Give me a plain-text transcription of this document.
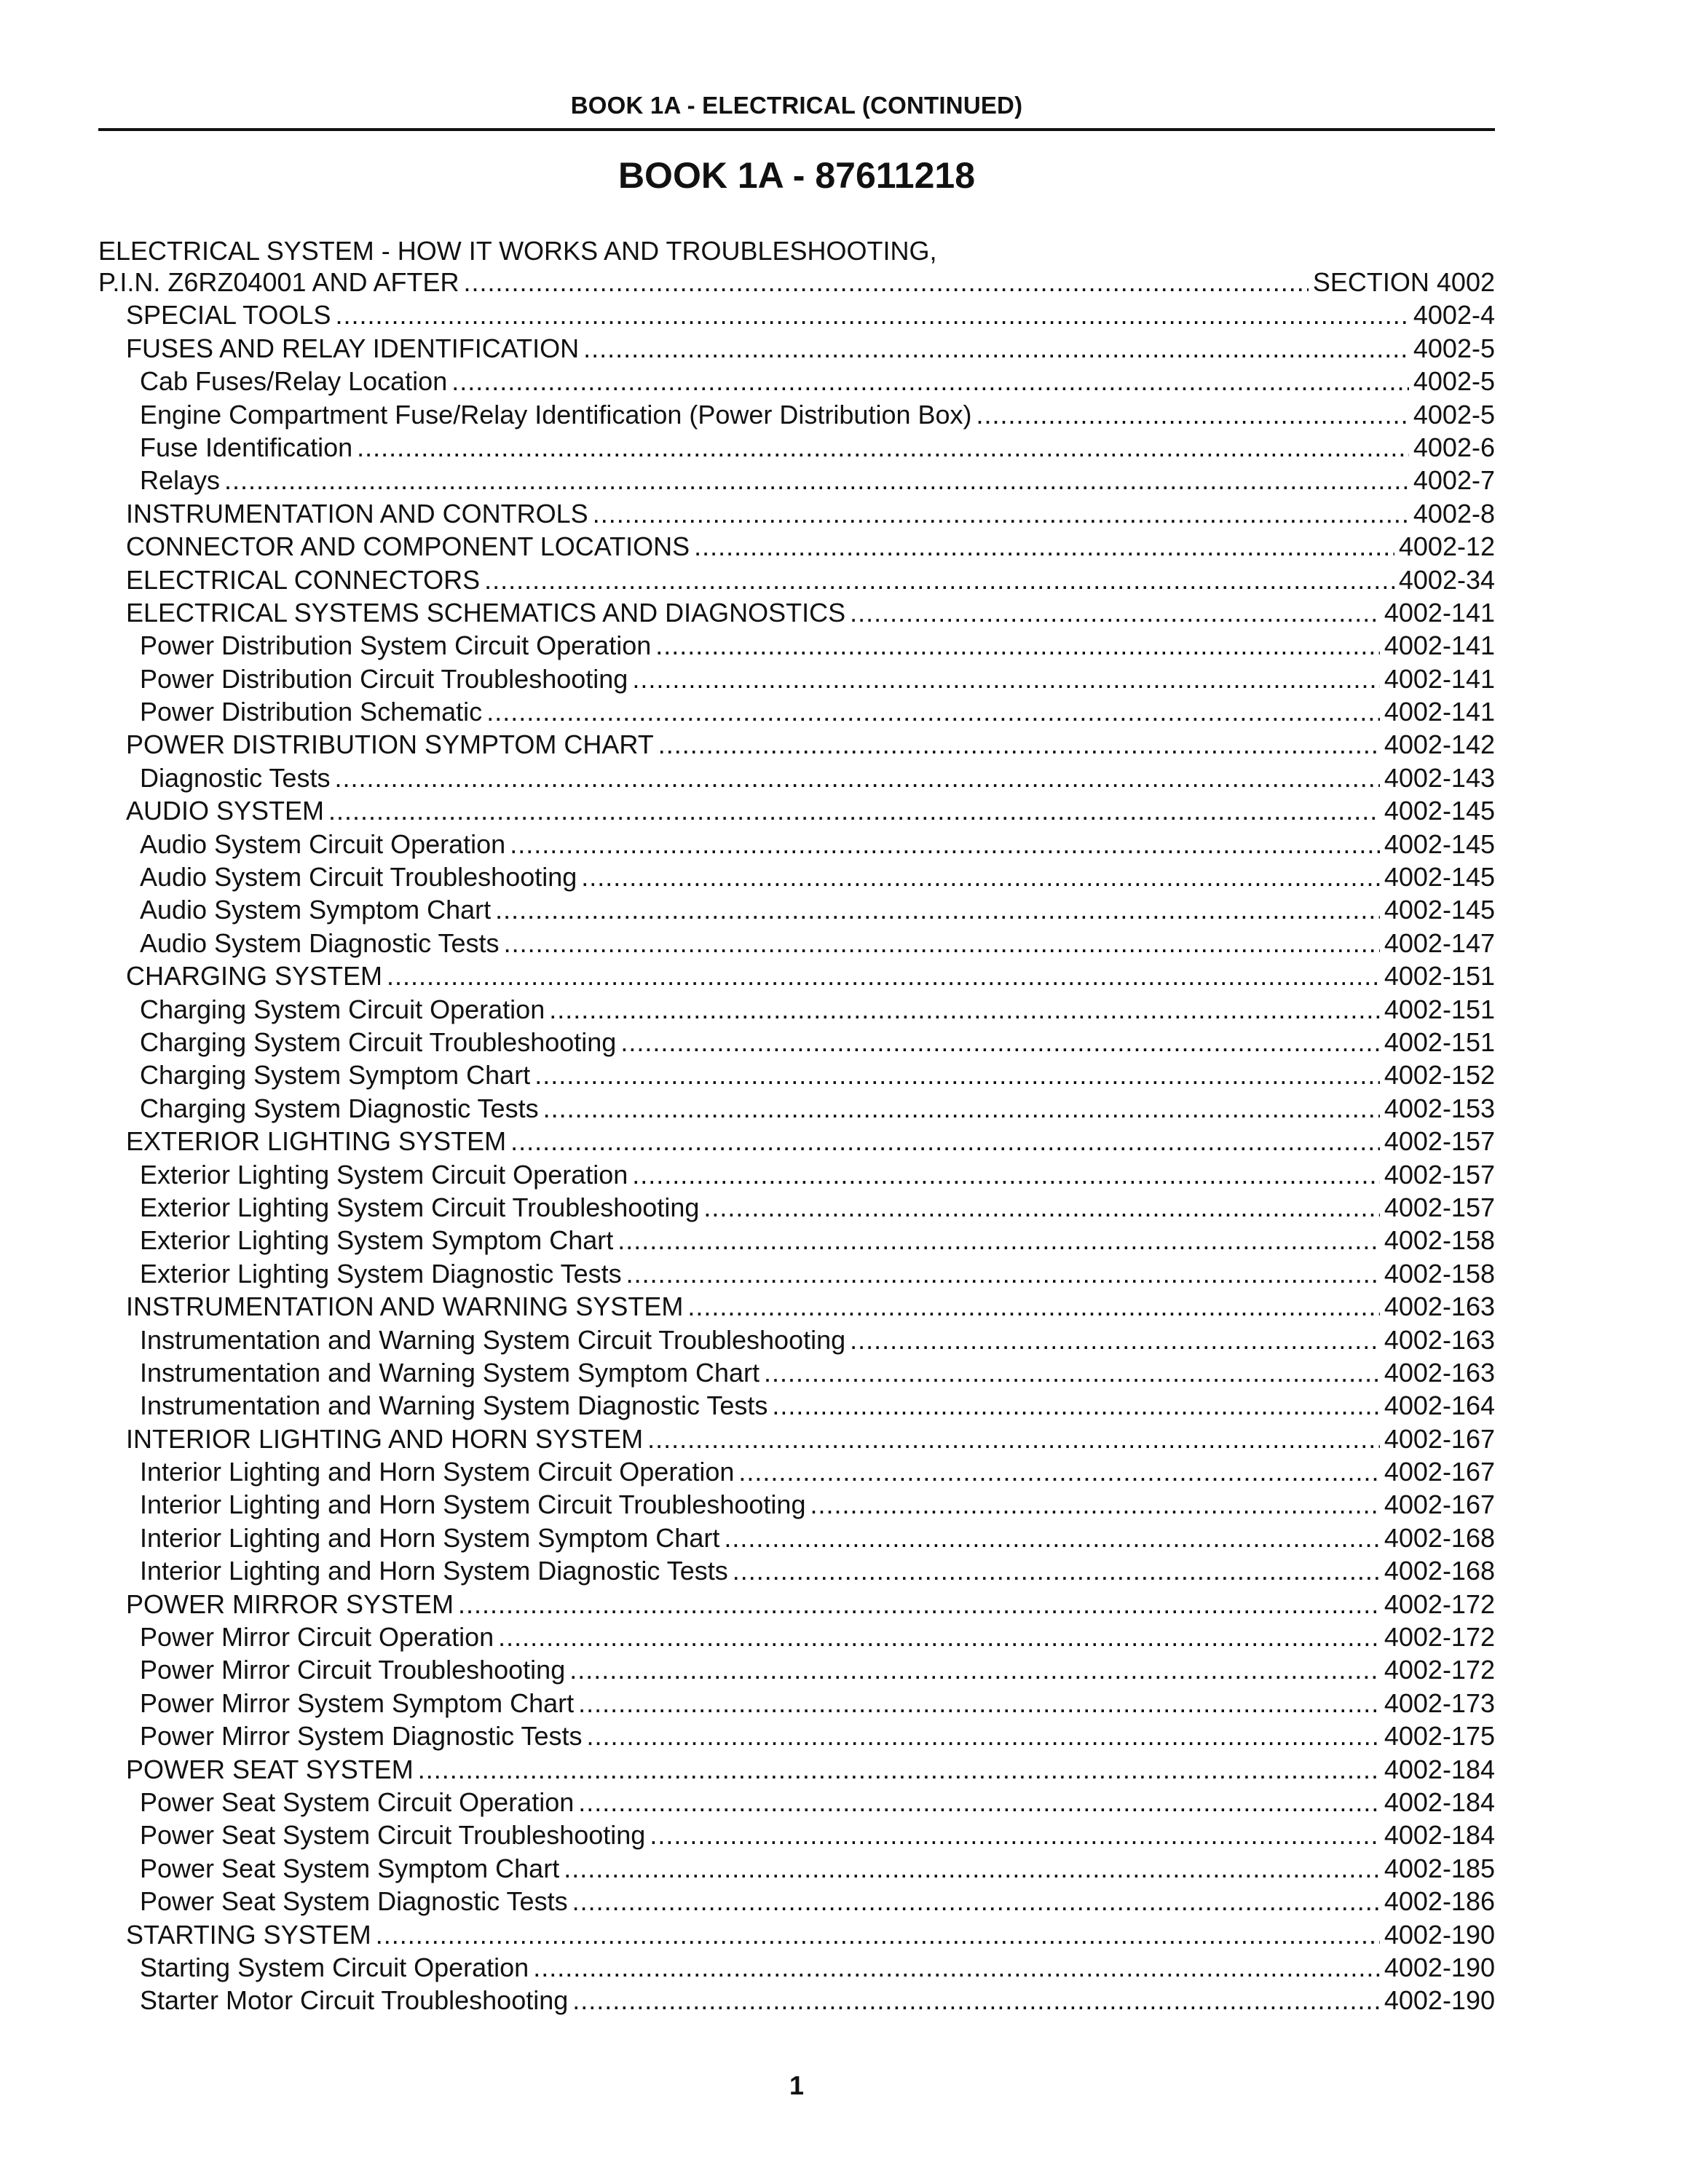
BOOK 1A - ELECTRICAL (CONTINUED)
BOOK 1A - 87611218
ELECTRICAL SYSTEM - HOW IT WORKS AND TROUBLESHOOTING,
P.I.N. Z6RZ04001 AND AFTER .....	SECTION 4002
SPECIAL TOOLS .....	4002-4
FUSES AND RELAY IDENTIFICATION .....	4002-5
Cab Fuses/Relay Location .....	4002-5
Engine Compartment Fuse/Relay Identification (Power Distribution Box) .....	4002-5
Fuse Identification .....	4002-6
Relays .....	4002-7
INSTRUMENTATION AND CONTROLS .....	4002-8
CONNECTOR AND COMPONENT LOCATIONS .....	4002-12
ELECTRICAL CONNECTORS .....	4002-34
ELECTRICAL SYSTEMS SCHEMATICS AND DIAGNOSTICS .....	4002-141
Power Distribution System Circuit Operation .....	4002-141
Power Distribution Circuit Troubleshooting .....	4002-141
Power Distribution Schematic .....	4002-141
POWER DISTRIBUTION SYMPTOM CHART .....	4002-142
Diagnostic Tests .....	4002-143
AUDIO SYSTEM .....	4002-145
Audio System Circuit Operation .....	4002-145
Audio System Circuit Troubleshooting .....	4002-145
Audio System Symptom Chart .....	4002-145
Audio System Diagnostic Tests .....	4002-147
CHARGING SYSTEM .....	4002-151
Charging System Circuit Operation .....	4002-151
Charging System Circuit Troubleshooting .....	4002-151
Charging System Symptom Chart .....	4002-152
Charging System Diagnostic Tests .....	4002-153
EXTERIOR LIGHTING SYSTEM .....	4002-157
Exterior Lighting System Circuit Operation .....	4002-157
Exterior Lighting System Circuit Troubleshooting .....	4002-157
Exterior Lighting System Symptom Chart .....	4002-158
Exterior Lighting System Diagnostic Tests .....	4002-158
INSTRUMENTATION AND WARNING SYSTEM .....	4002-163
Instrumentation and Warning System Circuit Troubleshooting .....	4002-163
Instrumentation and Warning System Symptom Chart .....	4002-163
Instrumentation and Warning System Diagnostic Tests .....	4002-164
INTERIOR LIGHTING AND HORN SYSTEM .....	4002-167
Interior Lighting and Horn System Circuit Operation .....	4002-167
Interior Lighting and Horn System Circuit Troubleshooting .....	4002-167
Interior Lighting and Horn System Symptom Chart .....	4002-168
Interior Lighting and Horn System Diagnostic Tests .....	4002-168
POWER MIRROR SYSTEM .....	4002-172
Power Mirror Circuit Operation .....	4002-172
Power Mirror Circuit Troubleshooting .....	4002-172
Power Mirror System Symptom Chart .....	4002-173
Power Mirror System Diagnostic Tests .....	4002-175
POWER SEAT SYSTEM .....	4002-184
Power Seat System Circuit Operation .....	4002-184
Power Seat System Circuit Troubleshooting .....	4002-184
Power Seat System Symptom Chart .....	4002-185
Power Seat System Diagnostic Tests .....	4002-186
STARTING SYSTEM .....	4002-190
Starting System Circuit Operation .....	4002-190
Starter Motor Circuit Troubleshooting .....	4002-190
1
